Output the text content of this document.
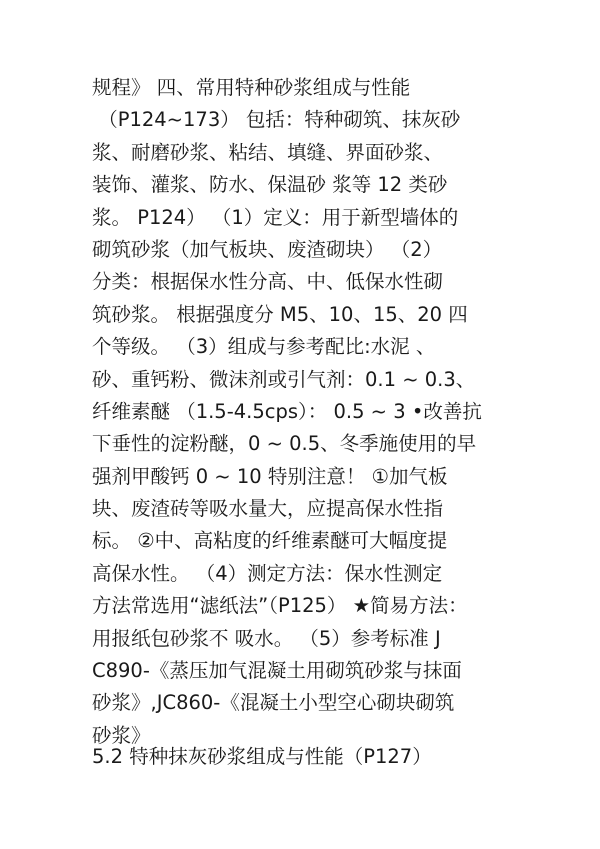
规程》 四、常用特种砂浆组成与性能
（P124~173） 包括：特种砌筑、抹灰砂
浆、耐磨砂浆、粘结、填缝、界面砂浆、
装饰、灌浆、防水、保温砂 浆等 12 类砂
浆。 P124） （1）定义：用于新型墙体的
砌筑砂浆（加气板块、废渣砌块） （2）
分类：根据保水性分高、中、低保水性砌
筑砂浆。 根据强度分 M5、10、15、20 四
个等级。 （3）组成与参考配比:水泥 、
砂、重钙粉、微沫剂或引气剂：0.1 ~ 0.3、
纤维素醚 （1.5-4.5cps）： 0.5 ~ 3 •改善抗
下垂性的淀粉醚，0 ~ 0.5、冬季施使用的早
强剂甲酸钙 0 ~ 10 特别注意！ ①加气板
块、废渣砖等吸水量大，应提高保水性指
标。 ②中、高粘度的纤维素醚可大幅度提
高保水性。 （4）测定方法：保水性测定
方法常选用“滤纸法”（P125） ★简易方法：
用报纸包砂浆不 吸水。 （5）参考标准 J
C890-《蒸压加气混凝土用砌筑砂浆与抹面
砂浆》,JC860-《混凝土小型空心砌块砌筑
砂浆》
5.2 特种抹灰砂浆组成与性能（P127）
